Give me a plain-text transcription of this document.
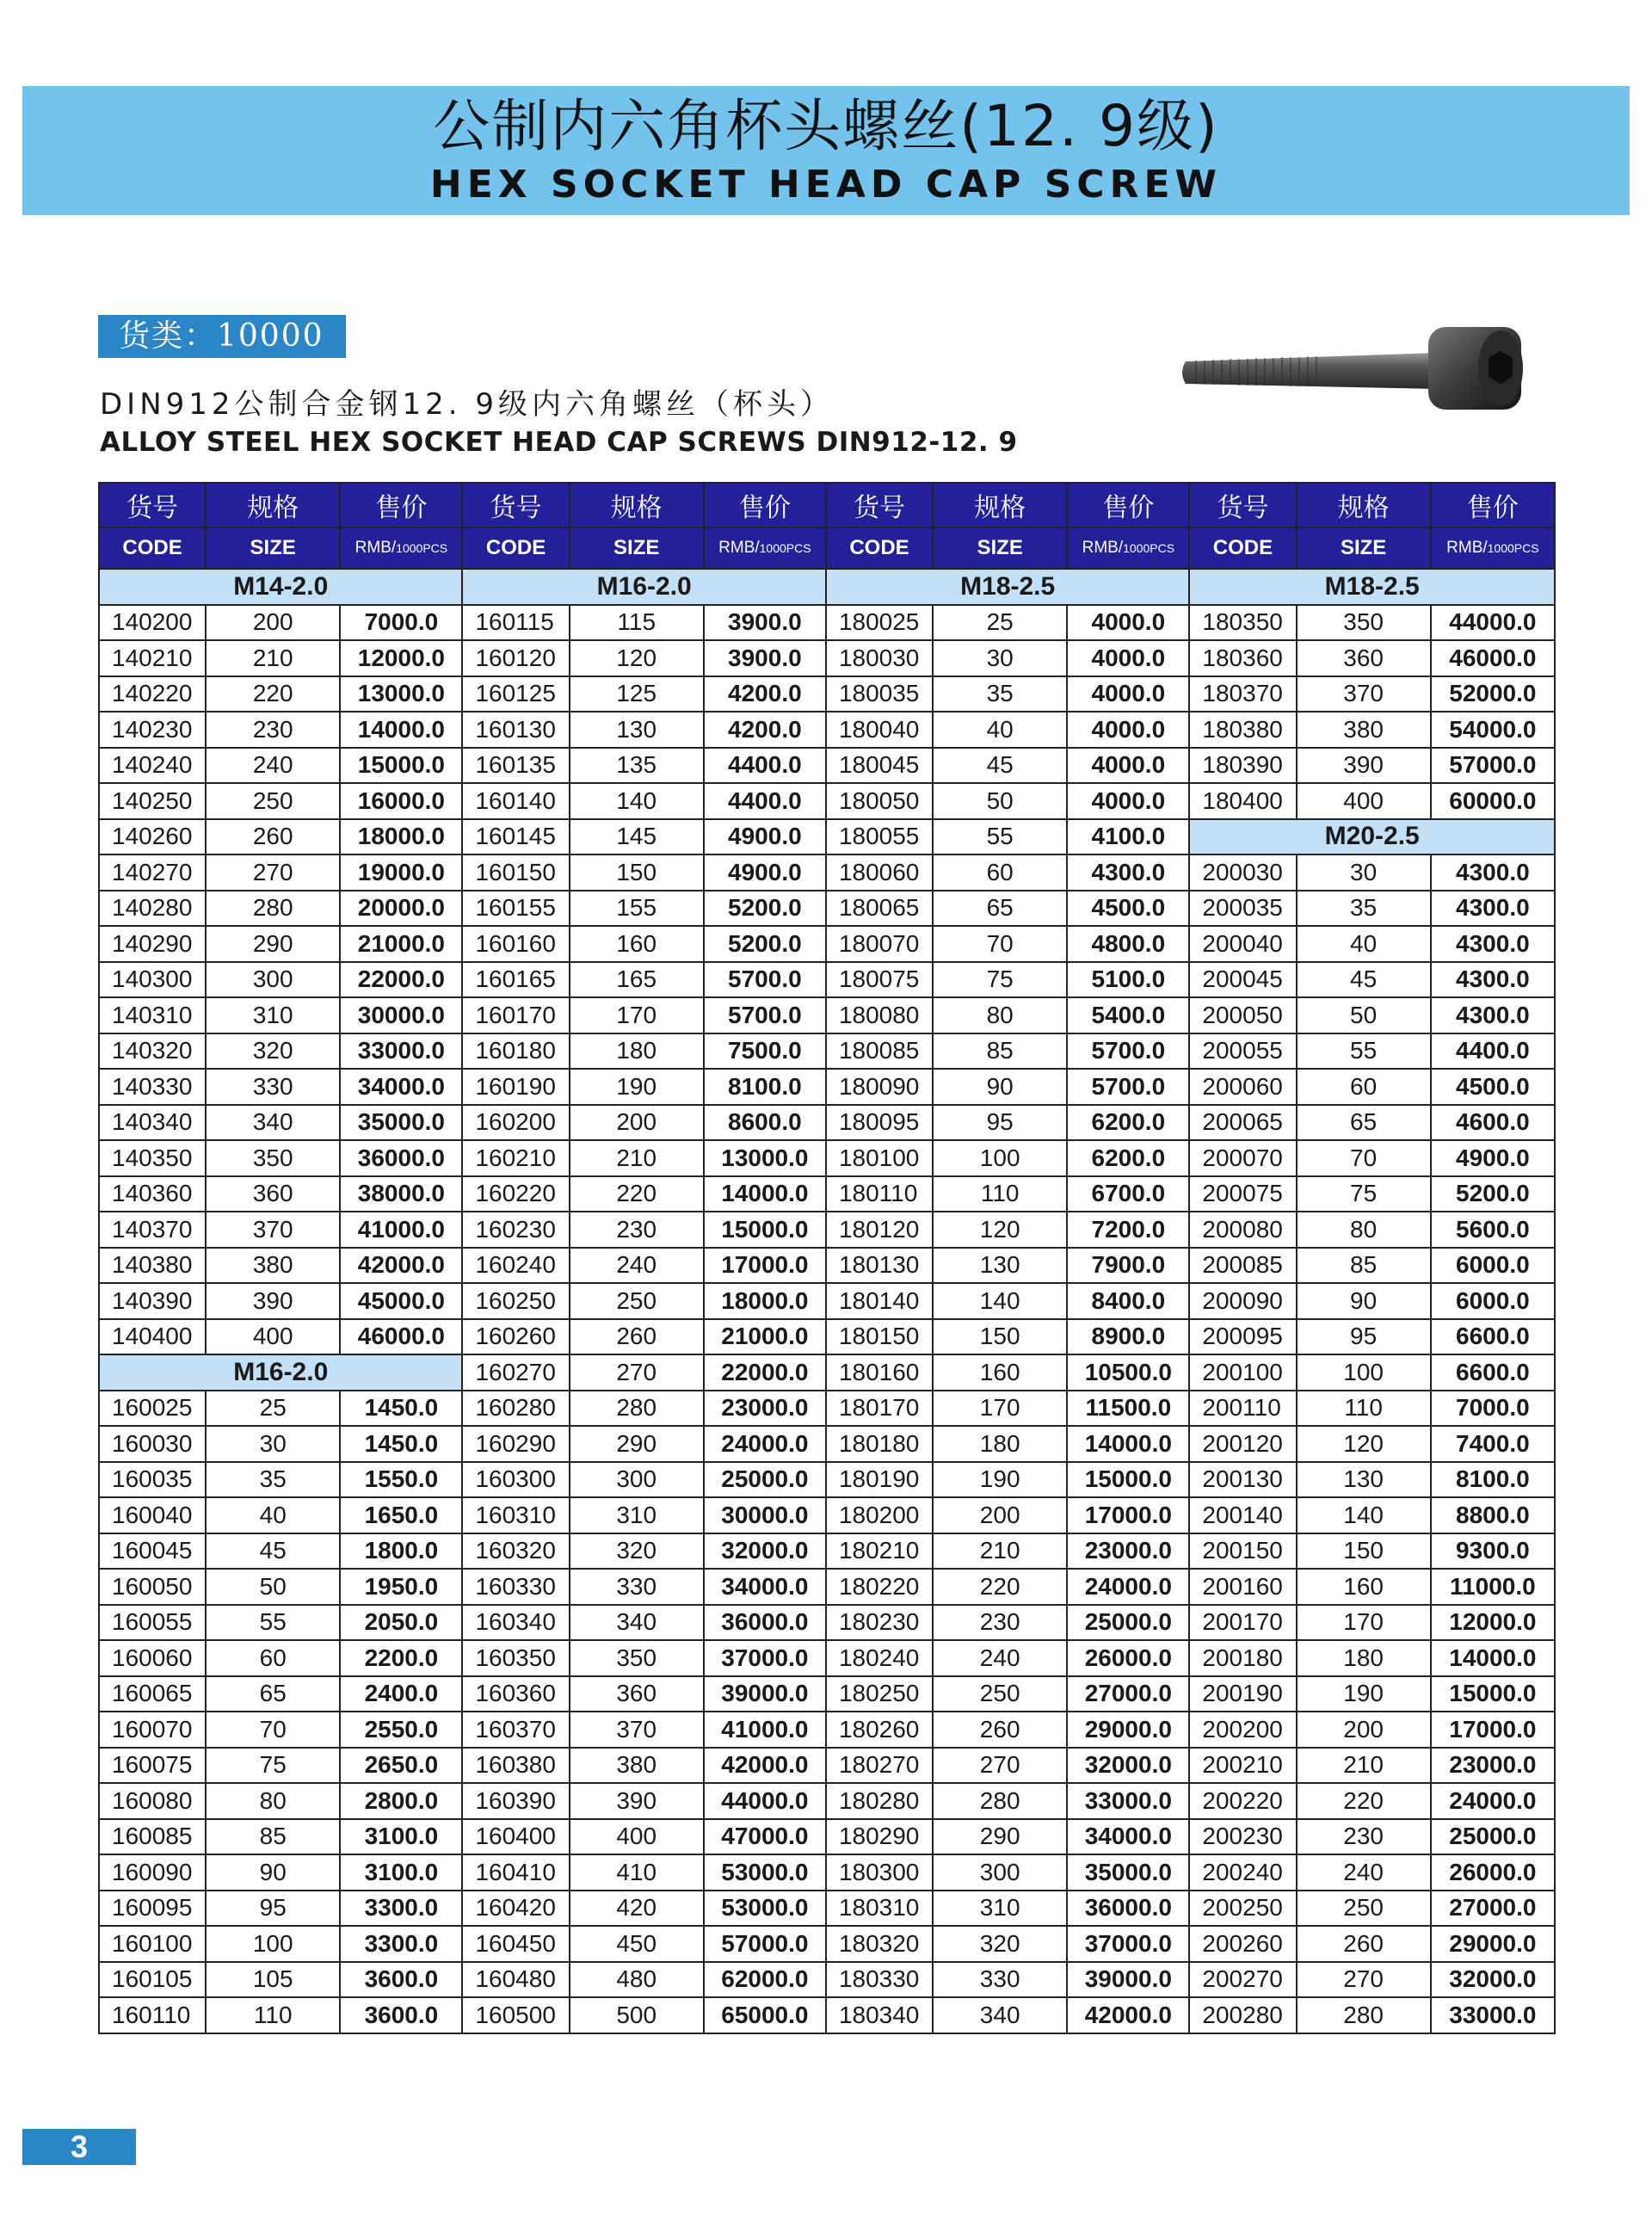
公制内六角杯头螺丝(12. 9级)
HEX SOCKET HEAD CAP SCREW
货类：10000
DIN912公制合金钢12. 9级内六角螺丝（杯头）
ALLOY STEEL HEX SOCKET HEAD CAP SCREWS DIN912-12. 9
货号	规格	售价	货号	规格	售价	货号	规格	售价	货号	规格	售价
CODE	SIZE	RMB/1000PCS	CODE	SIZE	RMB/1000PCS	CODE	SIZE	RMB/1000PCS	CODE	SIZE	RMB/1000PCS
M14-2.0			M16-2.0			M18-2.5			M18-2.5		
140200	200	7000.0	160115	115	3900.0	180025	25	4000.0	180350	350	44000.0
140210	210	12000.0	160120	120	3900.0	180030	30	4000.0	180360	360	46000.0
140220	220	13000.0	160125	125	4200.0	180035	35	4000.0	180370	370	52000.0
140230	230	14000.0	160130	130	4200.0	180040	40	4000.0	180380	380	54000.0
140240	240	15000.0	160135	135	4400.0	180045	45	4000.0	180390	390	57000.0
140250	250	16000.0	160140	140	4400.0	180050	50	4000.0	180400	400	60000.0
140260	260	18000.0	160145	145	4900.0	180055	55	4100.0	M20-2.5		
140270	270	19000.0	160150	150	4900.0	180060	60	4300.0	200030	30	4300.0
140280	280	20000.0	160155	155	5200.0	180065	65	4500.0	200035	35	4300.0
140290	290	21000.0	160160	160	5200.0	180070	70	4800.0	200040	40	4300.0
140300	300	22000.0	160165	165	5700.0	180075	75	5100.0	200045	45	4300.0
140310	310	30000.0	160170	170	5700.0	180080	80	5400.0	200050	50	4300.0
140320	320	33000.0	160180	180	7500.0	180085	85	5700.0	200055	55	4400.0
140330	330	34000.0	160190	190	8100.0	180090	90	5700.0	200060	60	4500.0
140340	340	35000.0	160200	200	8600.0	180095	95	6200.0	200065	65	4600.0
140350	350	36000.0	160210	210	13000.0	180100	100	6200.0	200070	70	4900.0
140360	360	38000.0	160220	220	14000.0	180110	110	6700.0	200075	75	5200.0
140370	370	41000.0	160230	230	15000.0	180120	120	7200.0	200080	80	5600.0
140380	380	42000.0	160240	240	17000.0	180130	130	7900.0	200085	85	6000.0
140390	390	45000.0	160250	250	18000.0	180140	140	8400.0	200090	90	6000.0
140400	400	46000.0	160260	260	21000.0	180150	150	8900.0	200095	95	6600.0
M16-2.0			160270	270	22000.0	180160	160	10500.0	200100	100	6600.0
160025	25	1450.0	160280	280	23000.0	180170	170	11500.0	200110	110	7000.0
160030	30	1450.0	160290	290	24000.0	180180	180	14000.0	200120	120	7400.0
160035	35	1550.0	160300	300	25000.0	180190	190	15000.0	200130	130	8100.0
160040	40	1650.0	160310	310	30000.0	180200	200	17000.0	200140	140	8800.0
160045	45	1800.0	160320	320	32000.0	180210	210	23000.0	200150	150	9300.0
160050	50	1950.0	160330	330	34000.0	180220	220	24000.0	200160	160	11000.0
160055	55	2050.0	160340	340	36000.0	180230	230	25000.0	200170	170	12000.0
160060	60	2200.0	160350	350	37000.0	180240	240	26000.0	200180	180	14000.0
160065	65	2400.0	160360	360	39000.0	180250	250	27000.0	200190	190	15000.0
160070	70	2550.0	160370	370	41000.0	180260	260	29000.0	200200	200	17000.0
160075	75	2650.0	160380	380	42000.0	180270	270	32000.0	200210	210	23000.0
160080	80	2800.0	160390	390	44000.0	180280	280	33000.0	200220	220	24000.0
160085	85	3100.0	160400	400	47000.0	180290	290	34000.0	200230	230	25000.0
160090	90	3100.0	160410	410	53000.0	180300	300	35000.0	200240	240	26000.0
160095	95	3300.0	160420	420	53000.0	180310	310	36000.0	200250	250	27000.0
160100	100	3300.0	160450	450	57000.0	180320	320	37000.0	200260	260	29000.0
160105	105	3600.0	160480	480	62000.0	180330	330	39000.0	200270	270	32000.0
160110	110	3600.0	160500	500	65000.0	180340	340	42000.0	200280	280	33000.0
3
